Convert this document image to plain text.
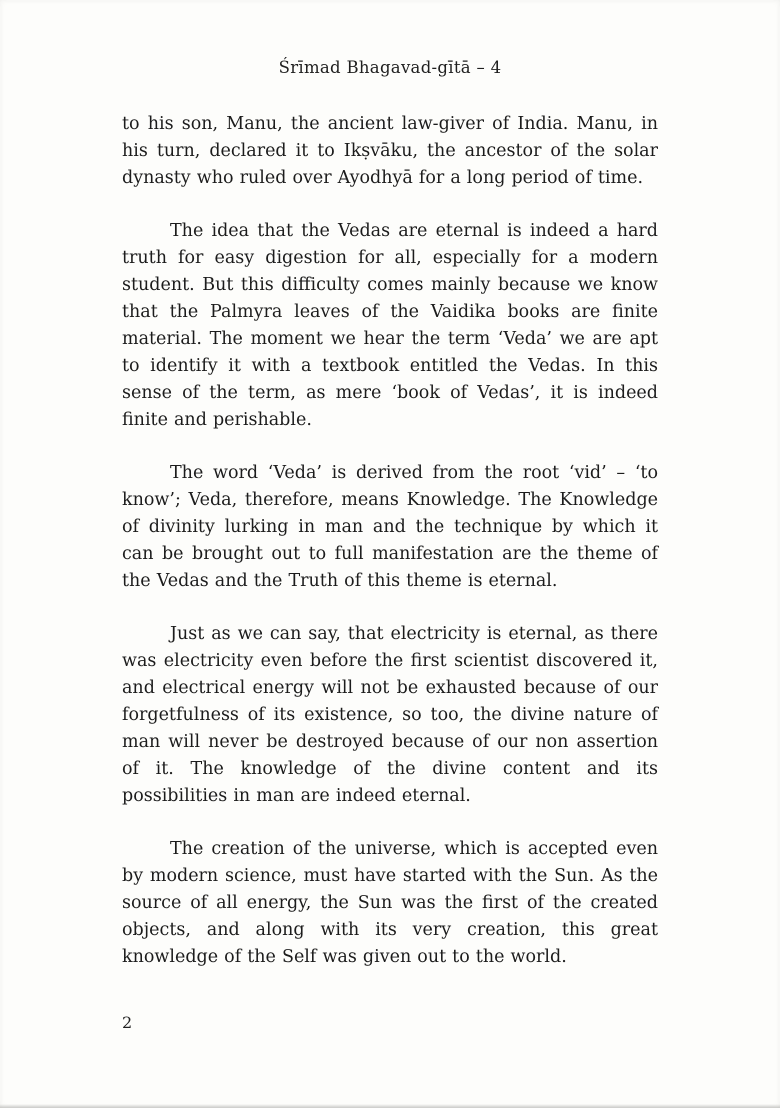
Śrīmad Bhagavad-gītā – 4

to his son, Manu, the ancient law-giver of India. Manu, in his turn, declared it to Ikṣvāku, the ancestor of the solar dynasty who ruled over Ayodhyā for a long period of time.

The idea that the Vedas are eternal is indeed a hard truth for easy digestion for all, especially for a modern student. But this difficulty comes mainly because we know that the Palmyra leaves of the Vaidika books are finite material. The moment we hear the term ‘Veda’ we are apt to identify it with a textbook entitled the Vedas. In this sense of the term, as mere ‘book of Vedas’, it is indeed finite and perishable.

The word ‘Veda’ is derived from the root ‘vid’ – ‘to know’; Veda, therefore, means Knowledge. The Knowledge of divinity lurking in man and the technique by which it can be brought out to full manifestation are the theme of the Vedas and the Truth of this theme is eternal.

Just as we can say, that electricity is eternal, as there was electricity even before the first scientist discovered it, and electrical energy will not be exhausted because of our forgetfulness of its existence, so too, the divine nature of man will never be destroyed because of our non assertion of it. The knowledge of the divine content and its possibilities in man are indeed eternal.

The creation of the universe, which is accepted even by modern science, must have started with the Sun. As the source of all energy, the Sun was the first of the created objects, and along with its very creation, this great knowledge of the Self was given out to the world.

2
